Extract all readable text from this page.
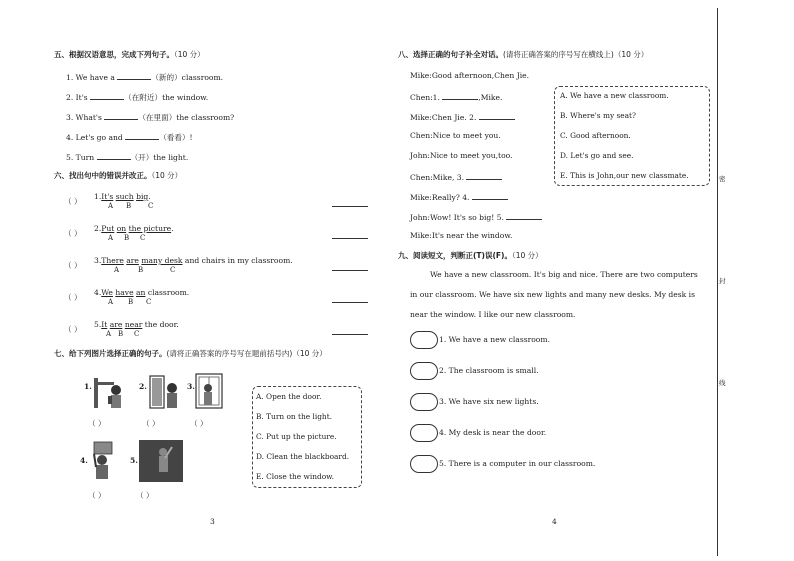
五、根据汉语意思，完成下列句子。（10 分）
1. We have a	（新的）classroom.
2. It's	（在附近）the window.
3. What's	（在里面）the classroom?
4. Let's go and	（看看）!
5. Turn	（开）the light.
六、找出句中的错误并改正。（10 分）
（ ）
1.It's such big.
A B C
（ ）
2.Put on the picture.
A B C
（ ）
3.There are many desk and chairs in my classroom.
A	B	C
（ ）
4.We have an classroom.
A B C
（ ）
5.It are near the door.
A B C
七、给下列图片选择正确的句子。(请将正确答案的序号写在题前括号内)（10 分）
1.	2.	3.
（ ）	（ ）	（ ）
4.	5.
（ ）	（ ）
A. Open the door.
B. Turn on the light.
C. Put up the picture.
D. Clean the blackboard.
E. Close the window.
3
八、选择正确的句子补全对话。(请将正确答案的序号写在横线上)（10 分）
Mike:Good afternoon,Chen Jie.
Chen:1.	,Mike.
Mike:Chen Jie. 2.
Chen:Nice to meet you.
John:Nice to meet you,too.
Chen:Mike, 3.
Mike:Really? 4.
John:Wow! It's so big! 5.
Mike:It's near the window.
A. We have a new classroom.
B. Where's my seat?
C. Good afternoon.
D. Let's go and see.
E. This is John,our new classmate.
九、阅读短文，判断正(T)误(F)。（10 分）
We have a new classroom. It's big and nice. There are two computers
in our classroom. We have six new lights and many new desks. My desk is
near the window. I like our new classroom.
1. We have a new classroom.
2. The classroom is small.
3. We have six new lights.
4. My desk is near the door.
5. There is a computer in our classroom.
4
密
封
线
